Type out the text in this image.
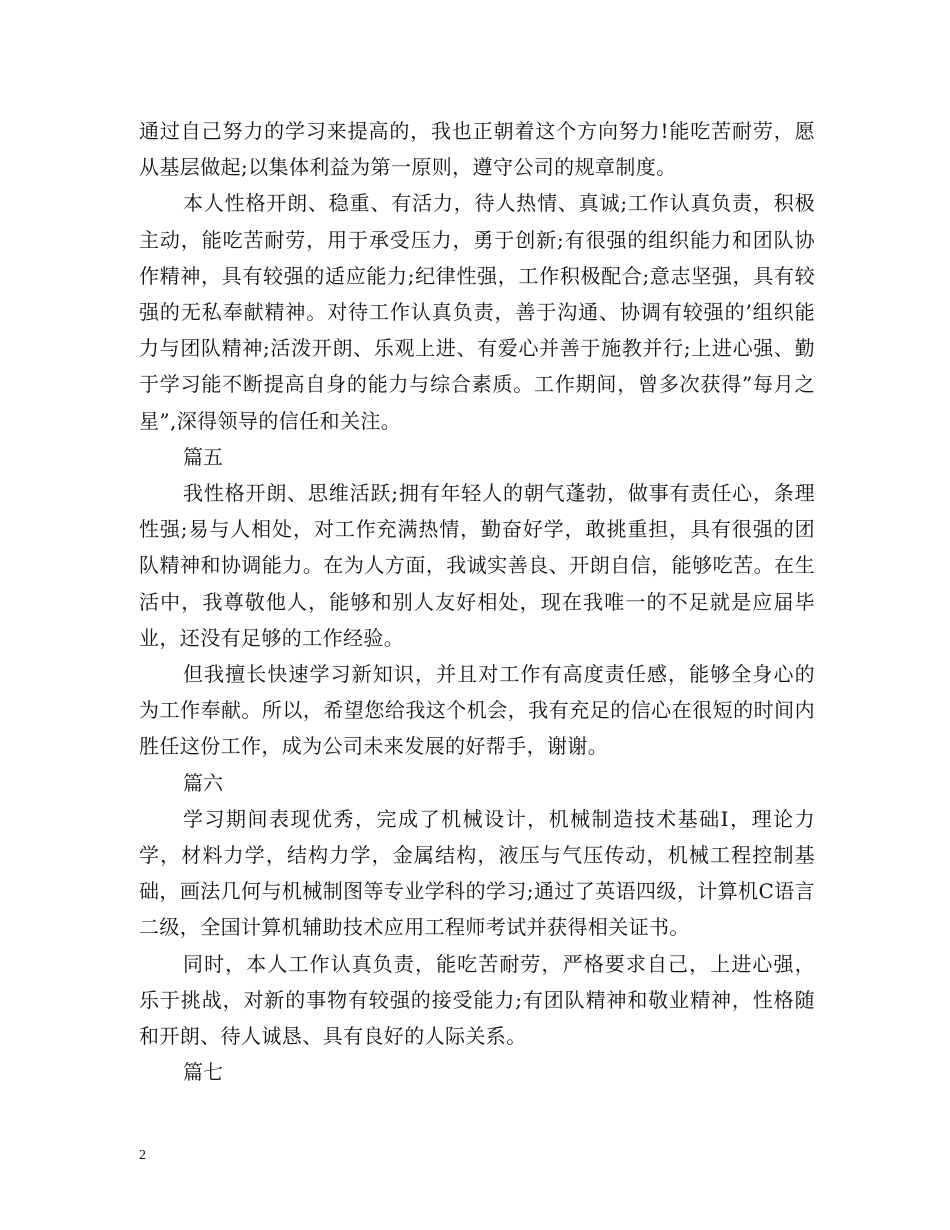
通过自己努力的学习来提高的，我也正朝着这个方向努力!能吃苦耐劳，愿从基层做起;以集体利益为第一原则，遵守公司的规章制度。

本人性格开朗、稳重、有活力，待人热情、真诚;工作认真负责，积极主动，能吃苦耐劳，用于承受压力，勇于创新;有很强的组织能力和团队协作精神，具有较强的适应能力;纪律性强，工作积极配合;意志坚强，具有较强的无私奉献精神。对待工作认真负责，善于沟通、协调有较强的’组织能力与团队精神;活泼开朗、乐观上进、有爱心并善于施教并行;上进心强、勤于学习能不断提高自身的能力与综合素质。工作期间，曾多次获得”每月之星”,深得领导的信任和关注。

篇五

我性格开朗、思维活跃;拥有年轻人的朝气蓬勃，做事有责任心，条理性强;易与人相处，对工作充满热情，勤奋好学，敢挑重担，具有很强的团队精神和协调能力。在为人方面，我诚实善良、开朗自信，能够吃苦。在生活中，我尊敬他人，能够和别人友好相处，现在我唯一的不足就是应届毕业，还没有足够的工作经验。

但我擅长快速学习新知识，并且对工作有高度责任感，能够全身心的为工作奉献。所以，希望您给我这个机会，我有充足的信心在很短的时间内胜任这份工作，成为公司未来发展的好帮手，谢谢。

篇六

学习期间表现优秀，完成了机械设计，机械制造技术基础Ⅰ，理论力学，材料力学，结构力学，金属结构，液压与气压传动，机械工程控制基础，画法几何与机械制图等专业学科的学习;通过了英语四级，计算机C语言二级，全国计算机辅助技术应用工程师考试并获得相关证书。

同时，本人工作认真负责，能吃苦耐劳，严格要求自己，上进心强，乐于挑战，对新的事物有较强的接受能力;有团队精神和敬业精神，性格随和开朗、待人诚恳、具有良好的人际关系。

篇七

2
